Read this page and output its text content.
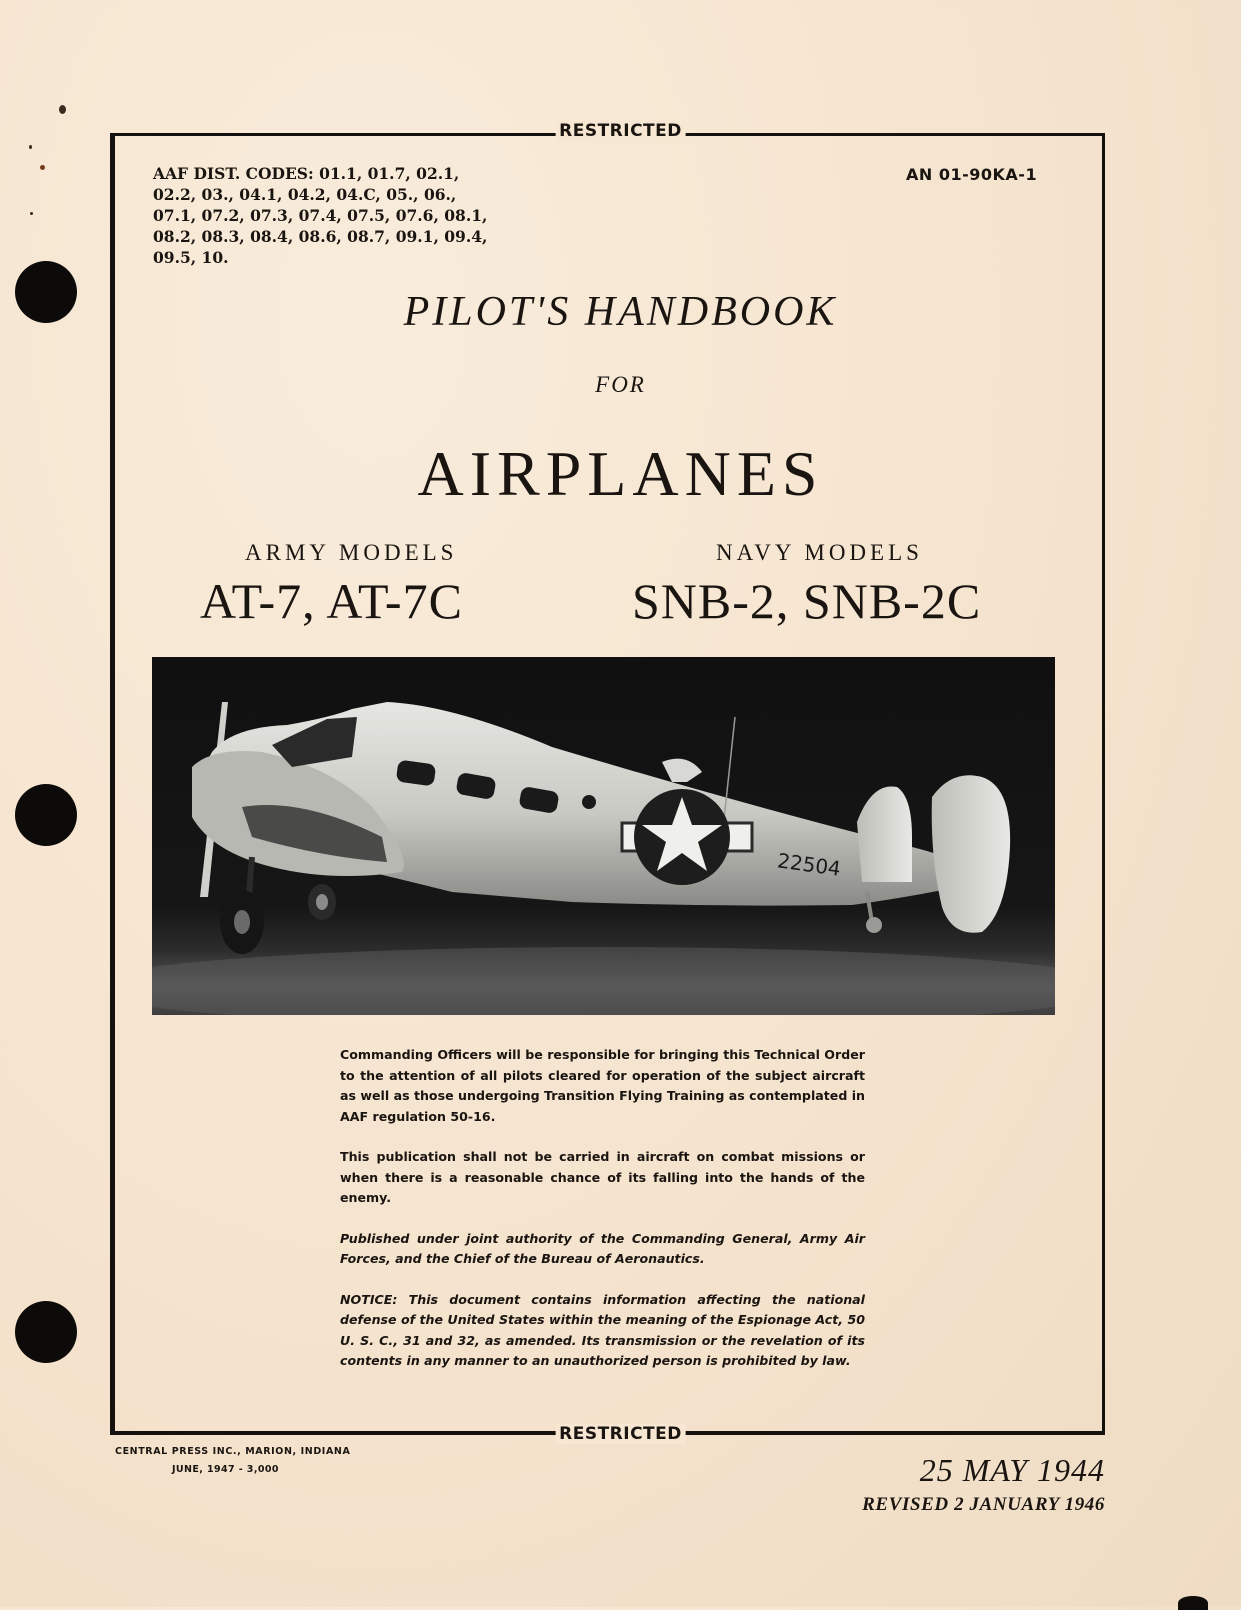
RESTRICTED
RESTRICTED
AAF DIST. CODES: 01.1, 01.7, 02.1,
02.2, 03., 04.1, 04.2, 04.C, 05., 06.,
07.1, 07.2, 07.3, 07.4, 07.5, 07.6, 08.1,
08.2, 08.3, 08.4, 08.6, 08.7, 09.1, 09.4,
09.5, 10.
AN 01-90KA-1
PILOT'S HANDBOOK
FOR
AIRPLANES
ARMY MODELS
AT-7, AT-7C
NAVY MODELS
SNB-2, SNB-2C
22504

Commanding Officers will be responsible for bringing this Technical Order to the attention of all pilots cleared for operation of the subject aircraft as well as those undergoing Transition Flying Training as contemplated in AAF regulation 50-16.

This publication shall not be carried in aircraft on combat missions or when there is a reasonable chance of its falling into the hands of the enemy.

Published under joint authority of the Commanding General, Army Air Forces, and the Chief of the Bureau of Aeronautics.

NOTICE: This document contains information affecting the national defense of the United States within the meaning of the Espionage Act, 50 U. S. C., 31 and 32, as amended. Its transmission or the revelation of its contents in any manner to an unauthorized person is prohibited by law.

CENTRAL PRESS INC., MARION, INDIANA
JUNE, 1947 - 3,000	25 MAY 1944
REVISED 2 JANUARY 1946
